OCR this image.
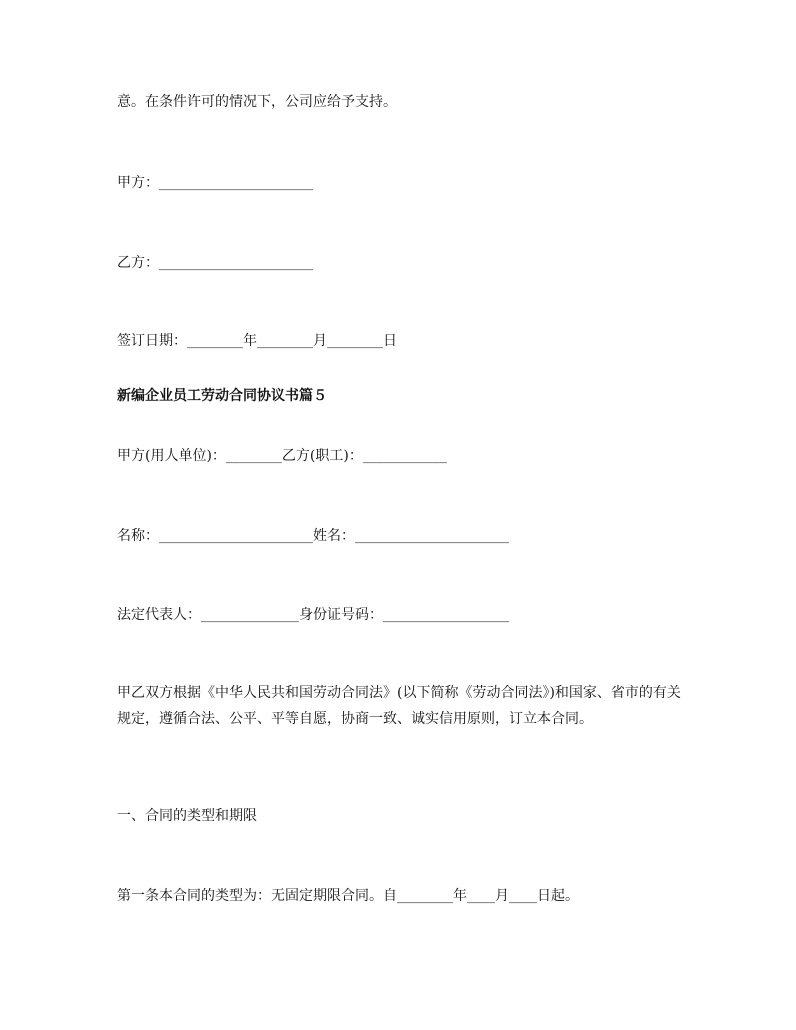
意。在条件许可的情况下，公司应给予支持。
甲方：______________________
乙方：______________________
签订日期：________年________月________日
新编企业员工劳动合同协议书篇５
甲方(用人单位)：________乙方(职工)：____________
名称：______________________姓名：______________________
法定代表人：______________身份证号码：__________________
甲乙双方根据《中华人民共和国劳动合同法》(以下简称《劳动合同法》)和国家、省市的有关规定，遵循合法、公平、平等自愿，协商一致、诚实信用原则，订立本合同。
一、合同的类型和期限
第一条本合同的类型为：无固定期限合同。自________年____月____日起。
